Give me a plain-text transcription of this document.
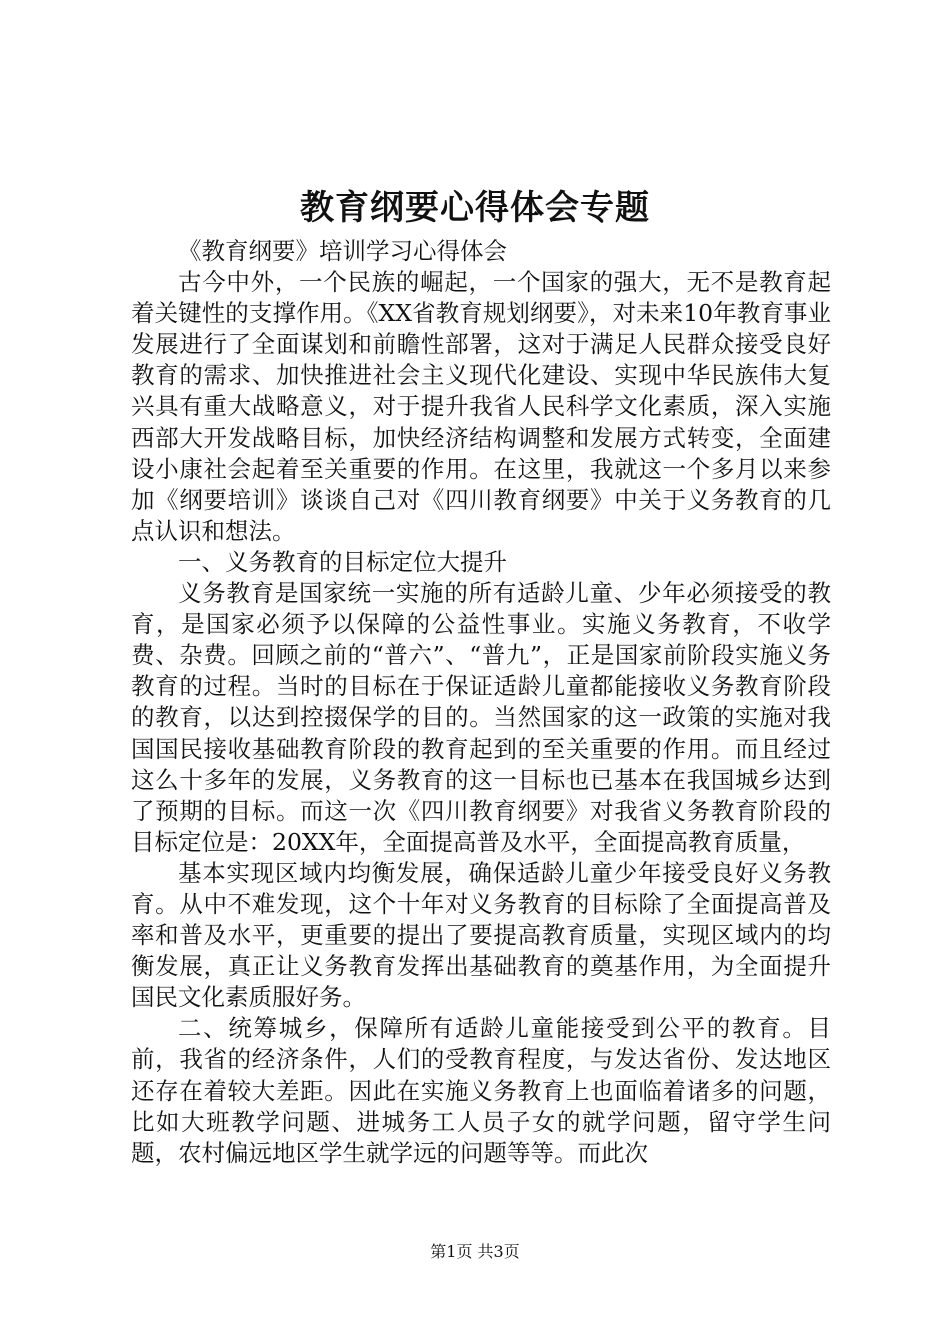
教育纲要心得体会专题

《教育纲要》培训学习心得体会

古今中外，一个民族的崛起，一个国家的强大，无不是教育起着关键性的支撑作用。《XX省教育规划纲要》，对未来10年教育事业发展进行了全面谋划和前瞻性部署，这对于满足人民群众接受良好教育的需求、加快推进社会主义现代化建设、实现中华民族伟大复兴具有重大战略意义，对于提升我省人民科学文化素质，深入实施西部大开发战略目标，加快经济结构调整和发展方式转变，全面建设小康社会起着至关重要的作用。在这里，我就这一个多月以来参加《纲要培训》谈谈自己对《四川教育纲要》中关于义务教育的几点认识和想法。

一、义务教育的目标定位大提升

义务教育是国家统一实施的所有适龄儿童、少年必须接受的教育，是国家必须予以保障的公益性事业。实施义务教育，不收学费、杂费。回顾之前的“普六”、“普九”，正是国家前阶段实施义务教育的过程。当时的目标在于保证适龄儿童都能接收义务教育阶段的教育，以达到控掇保学的目的。当然国家的这一政策的实施对我国国民接收基础教育阶段的教育起到的至关重要的作用。而且经过这么十多年的发展，义务教育的这一目标也已基本在我国城乡达到了预期的目标。而这一次《四川教育纲要》对我省义务教育阶段的目标定位是：20XX年，全面提高普及水平，全面提高教育质量，

基本实现区域内均衡发展，确保适龄儿童少年接受良好义务教育。从中不难发现，这个十年对义务教育的目标除了全面提高普及率和普及水平，更重要的提出了要提高教育质量，实现区域内的均衡发展，真正让义务教育发挥出基础教育的奠基作用，为全面提升国民文化素质服好务。

二、统筹城乡，保障所有适龄儿童能接受到公平的教育。目前，我省的经济条件，人们的受教育程度，与发达省份、发达地区还存在着较大差距。因此在实施义务教育上也面临着诸多的问题，比如大班教学问题、进城务工人员子女的就学问题，留守学生问题，农村偏远地区学生就学远的问题等等。而此次

第1页 共3页
